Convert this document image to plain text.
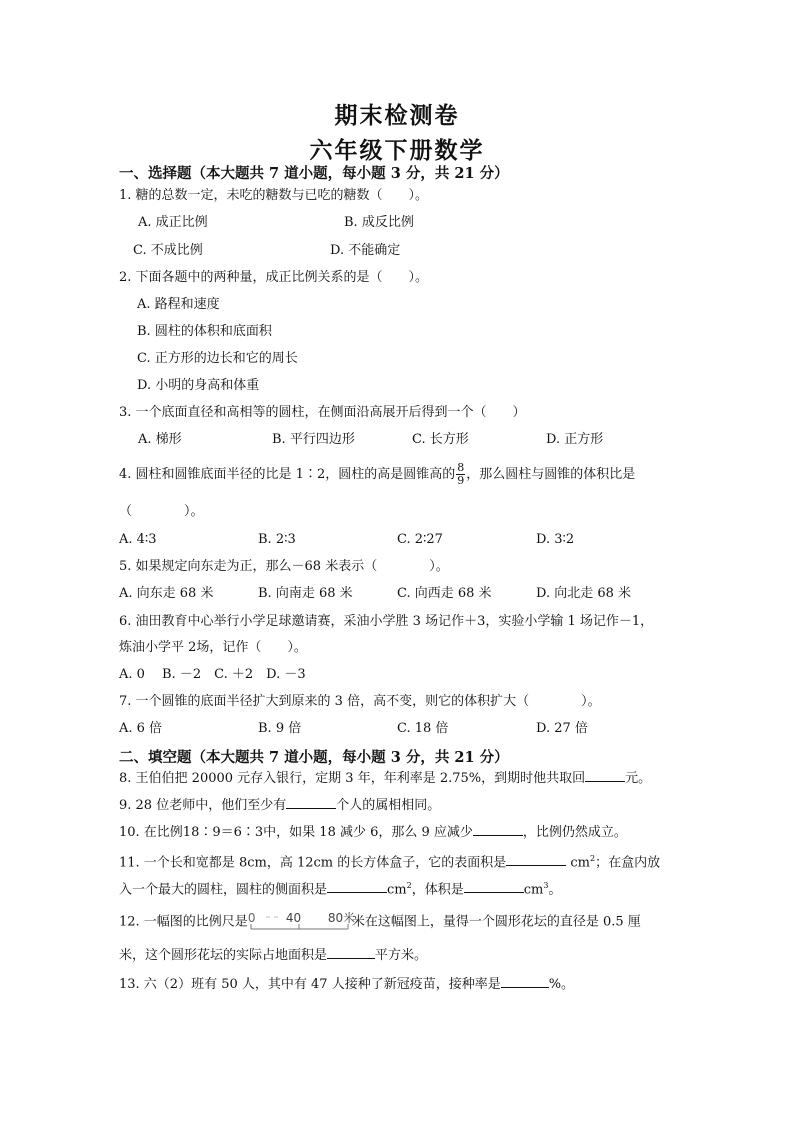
期末检测卷
六年级下册数学
一、选择题（本大题共 7 道小题，每小题 3 分，共 21 分）
1. 糖的总数一定，未吃的糖数与已吃的糖数（　　）。
A. 成正比例	B. 成反比例
C. 不成比例	D. 不能确定
2. 下面各题中的两种量，成正比例关系的是（　　）。
A. 路程和速度
B. 圆柱的体积和底面积
C. 正方形的边长和它的周长
D. 小明的身高和体重
3. 一个底面直径和高相等的圆柱，在侧面沿高展开后得到一个（　　）
A. 梯形	B. 平行四边形	C. 长方形	D. 正方形
4. 圆柱和圆锥底面半径的比是 1∶2，圆柱的高是圆锥高的 $\frac{8}{9}$ ，那么圆柱与圆锥的体积比是
（　　　　）。
A. 4∶3	B. 2∶3	C. 2∶27	D. 3∶2
5. 如果规定向东走为正，那么－68 米表示（　　　　）。
A. 向东走 68 米	B. 向南走 68 米	C. 向西走 68 米	D. 向北走 68 米
6. 油田教育中心举行小学足球邀请赛，采油小学胜 3 场记作＋3，实验小学输 1 场记作－1，
炼油小学平 2场，记作（　　）。
A. 0　 B. －2　C. ＋2　D. －3
7. 一个圆锥的底面半径扩大到原来的 3 倍，高不变，则它的体积扩大（　　　　）。
A. 6 倍	B. 9 倍	C. 18 倍	D. 27 倍
二、填空题（本大题共 7 道小题，每小题 3 分，共 21 分）
8. 王伯伯把 20000 元存入银行，定期 3 年，年利率是 2.75%，到期时他共取回	元。
9. 28 位老师中，他们至少有	个人的属相相同。
10. 在比例18∶9＝6∶3中，如果 18 减少 6，那么 9 应减少	，比例仍然成立。
11. 一个长和宽都是 8cm，高 12cm 的长方体盒子，它的表面积是	$cm^2$；在盒内放
入一个最大的圆柱，圆柱的侧面积是	$cm^2$，体积是	$cm^3$。
12. 一幅图的比例尺是 0	40 80米
米在这幅图上，量得一个圆形花坛的直径是 0.5 厘
米，这个圆形花坛的实际占地面积是	平方米。
13. 六（2）班有 50 人，其中有 47 人接种了新冠疫苗，接种率是	%。
